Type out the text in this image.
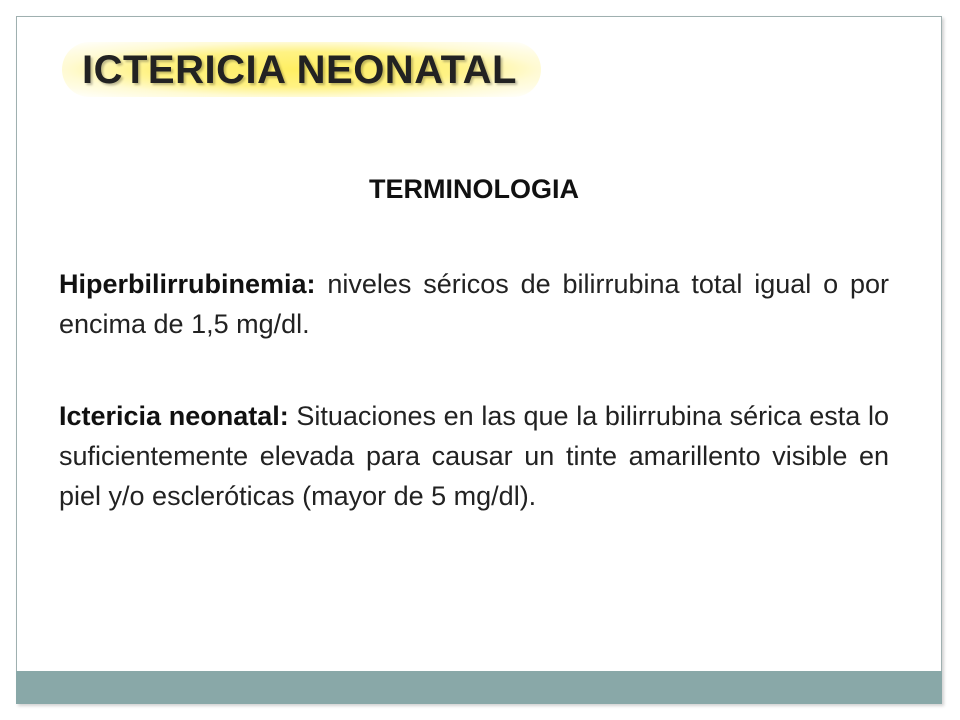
ICTERICIA NEONATAL
TERMINOLOGIA
Hiperbilirrubinemia: niveles séricos de bilirrubina total igual o por encima de 1,5 mg/dl.
Ictericia neonatal: Situaciones en las que la bilirrubina sérica esta lo suficientemente elevada para causar un tinte amarillento visible en piel y/o escleróticas (mayor de 5 mg/dl).
